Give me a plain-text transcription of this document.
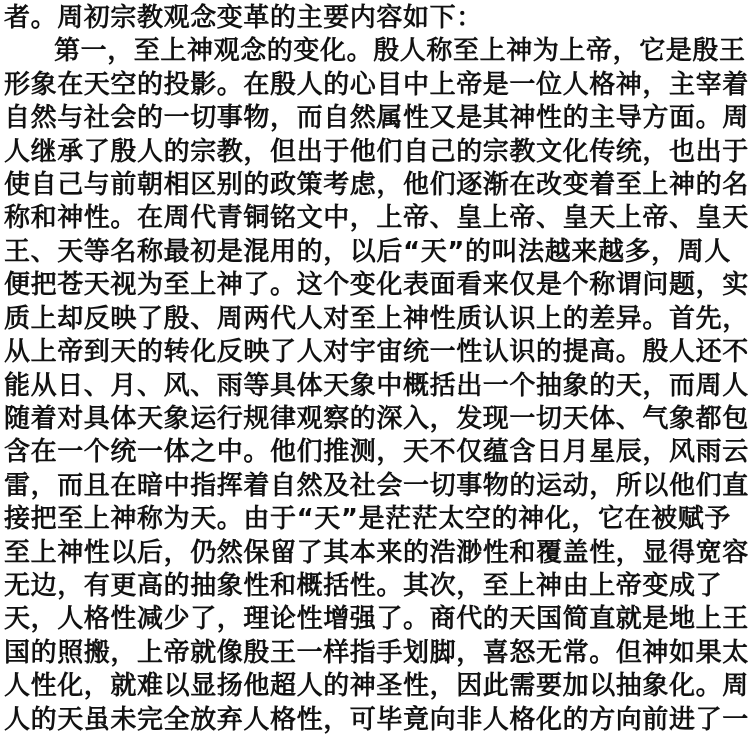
者。周初宗教观念变革的主要内容如下：
第一，至上神观念的变化。殷人称至上神为上帝，它是殷王
形象在天空的投影。在殷人的心目中上帝是一位人格神，主宰着
自然与社会的一切事物，而自然属性又是其神性的主导方面。周
人继承了殷人的宗教，但出于他们自己的宗教文化传统，也出于
使自己与前朝相区别的政策考虑，他们逐渐在改变着至上神的名
称和神性。在周代青铜铭文中，上帝、皇上帝、皇天上帝、皇天
王、天等名称最初是混用的，以后“天”的叫法越来越多，周人
便把苍天视为至上神了。这个变化表面看来仅是个称谓问题，实
质上却反映了殷、周两代人对至上神性质认识上的差异。首先，
从上帝到天的转化反映了人对宇宙统一性认识的提高。殷人还不
能从日、月、风、雨等具体天象中概括出一个抽象的天，而周人
随着对具体天象运行规律观察的深入，发现一切天体、气象都包
含在一个统一体之中。他们推测，天不仅蕴含日月星辰，风雨云
雷，而且在暗中指挥着自然及社会一切事物的运动，所以他们直
接把至上神称为天。由于“天”是茫茫太空的神化，它在被赋予
至上神性以后，仍然保留了其本来的浩渺性和覆盖性，显得宽容
无边，有更高的抽象性和概括性。其次，至上神由上帝变成了
天，人格性减少了，理论性增强了。商代的天国简直就是地上王
国的照搬，上帝就像殷王一样指手划脚，喜怒无常。但神如果太
人性化，就难以显扬他超人的神圣性，因此需要加以抽象化。周
人的天虽未完全放弃人格性，可毕竟向非人格化的方向前进了一
